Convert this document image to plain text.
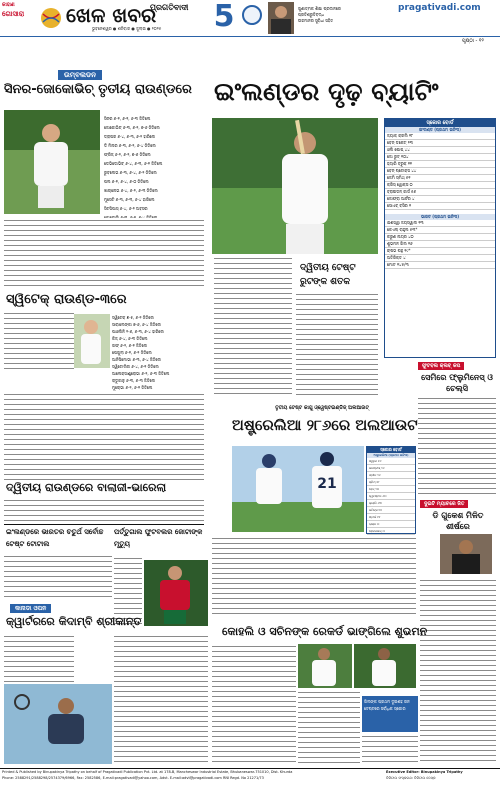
କାହାଣ
ଗୋସାରା ଖେଳ ଖବର
ଭୁବନେଶ୍ୱର ● ଶନିବାର ● ଜୁଲାଇ ● ୨୦୨୫
ପ୍ରଗତିବାଦୀ 5	ଗୁଣାତ୍ମକ ଶିକ୍ଷା ପ୍ରଦାନରେ
ପ୍ରତିଶ୍ରୁତିବଦ୍ଧ
ଉଚ୍ଚମାନର ସୁବିଧା ସହିତ
pragativadi.com
ପୃଷ୍ଠା - ୧୨
ଉମ୍ବଲଡନ
ସିନର-ଜୋକୋଭିଚ୍ ତୃତୀୟ ରାଉଣ୍ଡରେ
ସିନର ୬-୧, ୬-୧, ୬-୩ ଜିତିଲେ
ଜୋକୋଭିଚ୍ ୬-୩, ୬-୨, ୭-୬ ଜିତିଲେ
ଡ୍ରାପର ୬-୪, ୬-୩, ୬-୨ ହାରିଲେ
ଡି ମିନାର ୬-୩, ୬-୨, ୬-୪ ଜିତିଲେ
ଫ୍ରିଜ୍ ୬-୨, ୬-୨, ୭-୬ ଜିତିଲେ
ଡେଭିଡୋଭିଚ୍ ୬-୪, ୬-୩, ୬-୧ ଜିତିଲେ
ରୁବଲେଭ ୬-୩, ୬-୪, ୬-୨ ଜିତିଲେ
ପଲ ୬-୧, ୬-୪, ୬-୦ ଜିତିଲେ
ଖାଚାନୋଭ ୬-୪, ୬-୨, ୬-୩ ଜିତିଲେ
ମୁସେଟି ୬-୩, ୬-୩, ୬-୪ ହାରିଲେ
ସିଟସିପାସ୍ ୬-୪, ୬-୨ ଅବସର
ସ୍ୱିଟେକ୍ ରାଉଣ୍ଡ-୩ରେ
ସ୍ୱିଟେକ୍ ୭-୫, ୬-୨ ଜିତିଲେ
ସାବାଲେଙ୍କା ୭-୬, ୬-୪ ଜିତିଲେ
ପାଓଲିନି ୨-୬, ୬-୩, ୬-୪ ହାରିଲେ
କିଜ୍ ୬-୪, ୬-୩ ଜିତିଲେ
ଗଫ୍ ୬-୨, ୬-୧ ଜିତିଲେ
ପେଗୁଲା ୬-୧, ୬-୨ ଜିତିଲେ
ଆନିସିମୋଭା ୬-୩, ୬-୪ ଜିତିଲେ
ସ୍ୱିଟୋଲିନା ୬-୪, ୬-୧ ଜିତିଲେ
ଆଲେକ୍ସାଣ୍ଡ୍ରୋଭା ୬-୨, ୬-୩ ଜିତିଲେ
ରାଡୁକାନୁ ୬-୩, ୬-୩ ଜିତିଲେ
ମୁଚୋଭା ୬-୨, ୬-୧ ଜିତିଲେ
ଦ୍ୱିତୀୟ ରାଉଣ୍ଡରେ ବାଲାଜୀ-ଭାରେଲା
ଇଂଲଣ୍ଡରେ ଭାରତର ଚତୁର୍ଥ ସର୍ବୋଚ୍ଚ ଟେଷ୍ଟ ଟୋଟାଲ
ପର୍ତ୍ତୁଗାଲ ଫୁଟବଲର ଜୋଟାଙ୍କ ମୃତ୍ୟୁ
କାନାଡା ଓପନ
କ୍ୱାର୍ଟରରେ କିଦାମ୍ବି ଶ୍ରୀକାନ୍ତ
ଇଂଲଣ୍ଡର ଦୃଢ଼ ବ୍ୟାଟିଂ
ଦ୍ୱିତୀୟ ଟେଷ୍ଟ
ରୁଟଙ୍କ ଶତକ
ସ୍କୋର ବୋର୍ଡ
ଇଂଲଣ୍ଡ (ପ୍ରଥମ ଇନିଂସ)
ଜ୍ୟାକ୍ କ୍ରଲି ୧୮
ବେନ୍ ଡକେଟ୍ ୨୩
ଓଲି ପୋପ୍ ୪୪
ଜୋ ରୁଟ୍ ୧୦୪
ହ୍ୟାରି ବ୍ରୁକ୍ ୧୧
ବେନ୍ ଷ୍ଟୋକ୍ସ ୪୪
ଜେମି ସ୍ମିଥ୍ ୫୧
କ୍ରିସ୍ ୱୋକ୍ସ ୦
ବ୍ରାଇଡନ୍ କାର୍ସ ୫୬
ଜୋଫ୍ରା ଆର୍ଚର ୪
ସୋଏବ୍ ବସିର ୧
ଭାରତ (ପ୍ରଥମ ଇନିଂସ)
ଯଶସ୍ୱୀ ଜୟସ୍ୱାଲ ୧୩
କେଏଲ୍ ରାହୁଲ ୫୩*
କରୁଣ ନାୟର ୪୦
ଶୁଭମନ ଗିଲ ୧୬
ଋଷଭ ପନ୍ଥ ୧୯*
ଅତିରିକ୍ତ ୪
ମୋଟ ୧୪୫/୩
ଫୁଟବଲ କ୍ଲବ୍ କପ
ସେମିରେ ଫ୍ଲୁମିନେସ୍ ଓ ଚେଲ୍ସି
ଦୁଇଟି ମ୍ୟାଚରେ ଜିତ
ଡି ଗୁକେଶ ମିଳିତ ଶୀର୍ଷରେ
ତୃତୀୟ ଟେଷ୍ଟ କାଗୁ ଓ୍ୱେଷ୍ଟଇଣ୍ଡିଜ୍ ଅଲଆଉଟ୍
ଅଷ୍ଟ୍ରେଲିଆ ୨୮୬ରେ ଅଲଆଉଟ
21
ସ୍କୋର ବୋର୍ଡ
ଅଷ୍ଟ୍ରେଲିଆ (ପ୍ରଥମ ଇନିଂସ)
ଖ୍ୱାଜା ୧୬
କନଷ୍ଟାସ୍ ୨୬
ଗ୍ରୀନ ୨୬
ସ୍ମିଥ୍ ୪୮
ହେଡ୍ ୨୦
ୱେବଷ୍ଟର ୬୦
କ୍ୟାରି ୬୩
କମିନ୍ସ ୧୪
ଷ୍ଟାର୍କ ୧୧
ଲାୟନ ୦
ହେଜଲଉଡ୍ ୦
କୋହଲି ଓ ସଚିନଙ୍କ ରେକର୍ଡ ଭାଙ୍ଗିଲେ ଶୁଭମନ
ଗିଲଙ୍କ ପ୍ରଥମ ଦୁଇଶହ ରନ
ଟେଷ୍ଟରେ ସର୍ବାଧିକ ସ୍କୋର
Printed & Published by Binupakinya Tripathy on behalf of Pragativadi Publication Pvt. Ltd. at 178-B, Mancheswar Industrial Estate, Bhubaneswar-751010, Dist. Khurda
Phone: 2588291/2588298/2574379/6966, Fax: 2582586, E-mail:pragativadi@yahoo.com, Advt. E-mail:advt@pragativadi.com RNI Regd. No 21271/73
Executive Editor: Binupakinya Tripathy
ଡିଜିଟାଲ ସଂସ୍କରଣ: ଡିଜିଟାଲ ଡେସ୍କ
